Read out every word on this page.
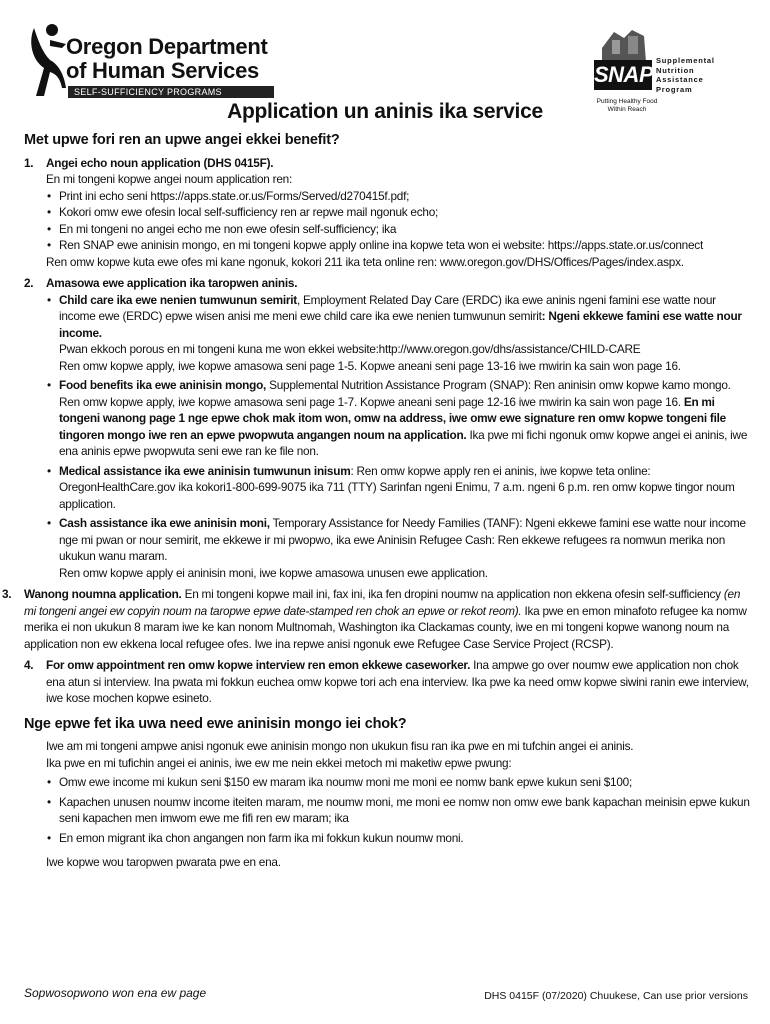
Oregon Department
of Human Services
SELF-SUFFICIENCY PROGRAMS
SNAP
Supplemental
Nutrition
Assistance
Program
Putting Healthy Food Within Reach
Application un aninis ika service
Met upwe fori ren an upwe angei ekkei benefit?
1. Angei echo noun application (DHS 0415F).

En mi tongeni kopwe angei noum application ren:

• Print ini echo seni https://apps.state.or.us/Forms/Served/d270415f.pdf;
• Kokori omw ewe ofesin local self-sufficiency ren ar repwe mail ngonuk echo;
• En mi tongeni no angei echo me non ewe ofesin self-sufficiency; ika
• Ren SNAP ewe aninisin mongo, en mi tongeni kopwe apply online ina kopwe teta won ei website: https://apps.state.or.us/connect

Ren omw kopwe kuta ewe ofes mi kane ngonuk, kokori 211 ika teta online ren: www.oregon.gov/DHS/Offices/Pages/index.aspx.

2. Amasowa ewe application ika taropwen aninis.

• Child care ika ewe nenien tumwunun semirit, Employment Related Day Care (ERDC) ika ewe aninis ngeni famini ese watte nour income ewe (ERDC) epwe wisen anisi me meni ewe child care ika ewe nenien tumwunun semirit: Ngeni ekkewe famini ese watte nour income.

Pwan ekkoch porous en mi tongeni kuna me won ekkei website:http://www.oregon.gov/dhs/assistance/CHILD-CARE

Ren omw kopwe apply, iwe kopwe amasowa seni page 1-5. Kopwe aneani seni page 13-16 iwe mwirin ka sain won page 16.

• Food benefits ika ewe aninisin mongo, Supplemental Nutrition Assistance Program (SNAP): Ren aninisin omw kopwe kamo mongo. Ren omw kopwe apply, iwe kopwe amasowa seni page 1-7. Kopwe aneani seni page 12-16 iwe mwirin ka sain won page 16. En mi tongeni wanong page 1 nge epwe chok mak itom won, omw na address, iwe omw ewe signature ren omw kopwe tongeni file tingoren mongo iwe ren an epwe pwopwuta angangen noum na application. Ika pwe mi fichi ngonuk omw kopwe angei ei aninis, iwe ena aninis epwe pwopwuta seni ewe ran ke file non.
• Medical assistance ika ewe aninisin tumwunun inisum: Ren omw kopwe apply ren ei aninis, iwe kopwe teta online: OregonHealthCare.gov ika kokori1-800-699-9075 ika 711 (TTY) Sarinfan ngeni Enimu, 7 a.m. ngeni 6 p.m. ren omw kopwe tingor noum application.
• Cash assistance ika ewe aninisin moni, Temporary Assistance for Needy Families (TANF): Ngeni ekkewe famini ese watte nour income nge mi pwan or nour semirit, me ekkewe ir mi pwopwo, ika ewe Aninisin Refugee Cash: Ren ekkewe refugees ra nomwun merika non ukukun wanu maram.

Ren omw kopwe apply ei aninisin moni, iwe kopwe amasowa unusen ewe application.

3. Wanong noumna application. En mi tongeni kopwe mail ini, fax ini, ika fen dropini noumw na application non ekkena ofesin self-sufficiency (en mi tongeni angei ew copyin noum na taropwe epwe date-stamped ren chok an epwe or rekot reom). Ika pwe en emon minafoto refugee ka nomw merika ei non ukukun 8 maram iwe ke kan nonom Multnomah, Washington ika Clackamas county, iwe en mi tongeni kopwe wanong noum na application non ew ekkena local refugee ofes. Iwe ina repwe anisi ngonuk ewe Refugee Case Service Project (RCSP).

4. For omw appointment ren omw kopwe interview ren emon ekkewe caseworker. Ina ampwe go over noumw ewe application non chok ena atun si interview. Ina pwata mi fokkun euchea omw kopwe tori ach ena interview. Ika pwe ka need omw kopwe siwini ranin ewe interview, iwe kose mochen kopwe esineto.

Nge epwe fet ika uwa need ewe aninisin mongo iei chok?

Iwe am mi tongeni ampwe anisi ngonuk ewe aninisin mongo non ukukun fisu ran ika pwe en mi tufchin angei ei aninis.

Ika pwe en mi tufichin angei ei aninis, iwe ew me nein ekkei metoch mi maketiw epwe pwung:

• Omw ewe income mi kukun seni $150 ew maram ika noumw moni me moni ee nomw bank epwe kukun seni $100;
• Kapachen unusen noumw income iteiten maram, me noumw moni, me moni ee nomw non omw ewe bank kapachan meinisin epwe kukun seni kapachen men imwom ewe me fifi ren ew maram; ika
• En emon migrant ika chon angangen non farm ika mi fokkun kukun noumw moni.

Iwe kopwe wou taropwen pwarata pwe en ena.

Sopwosopwono won ena ew page	DHS 0415F (07/2020) Chuukese, Can use prior versions
